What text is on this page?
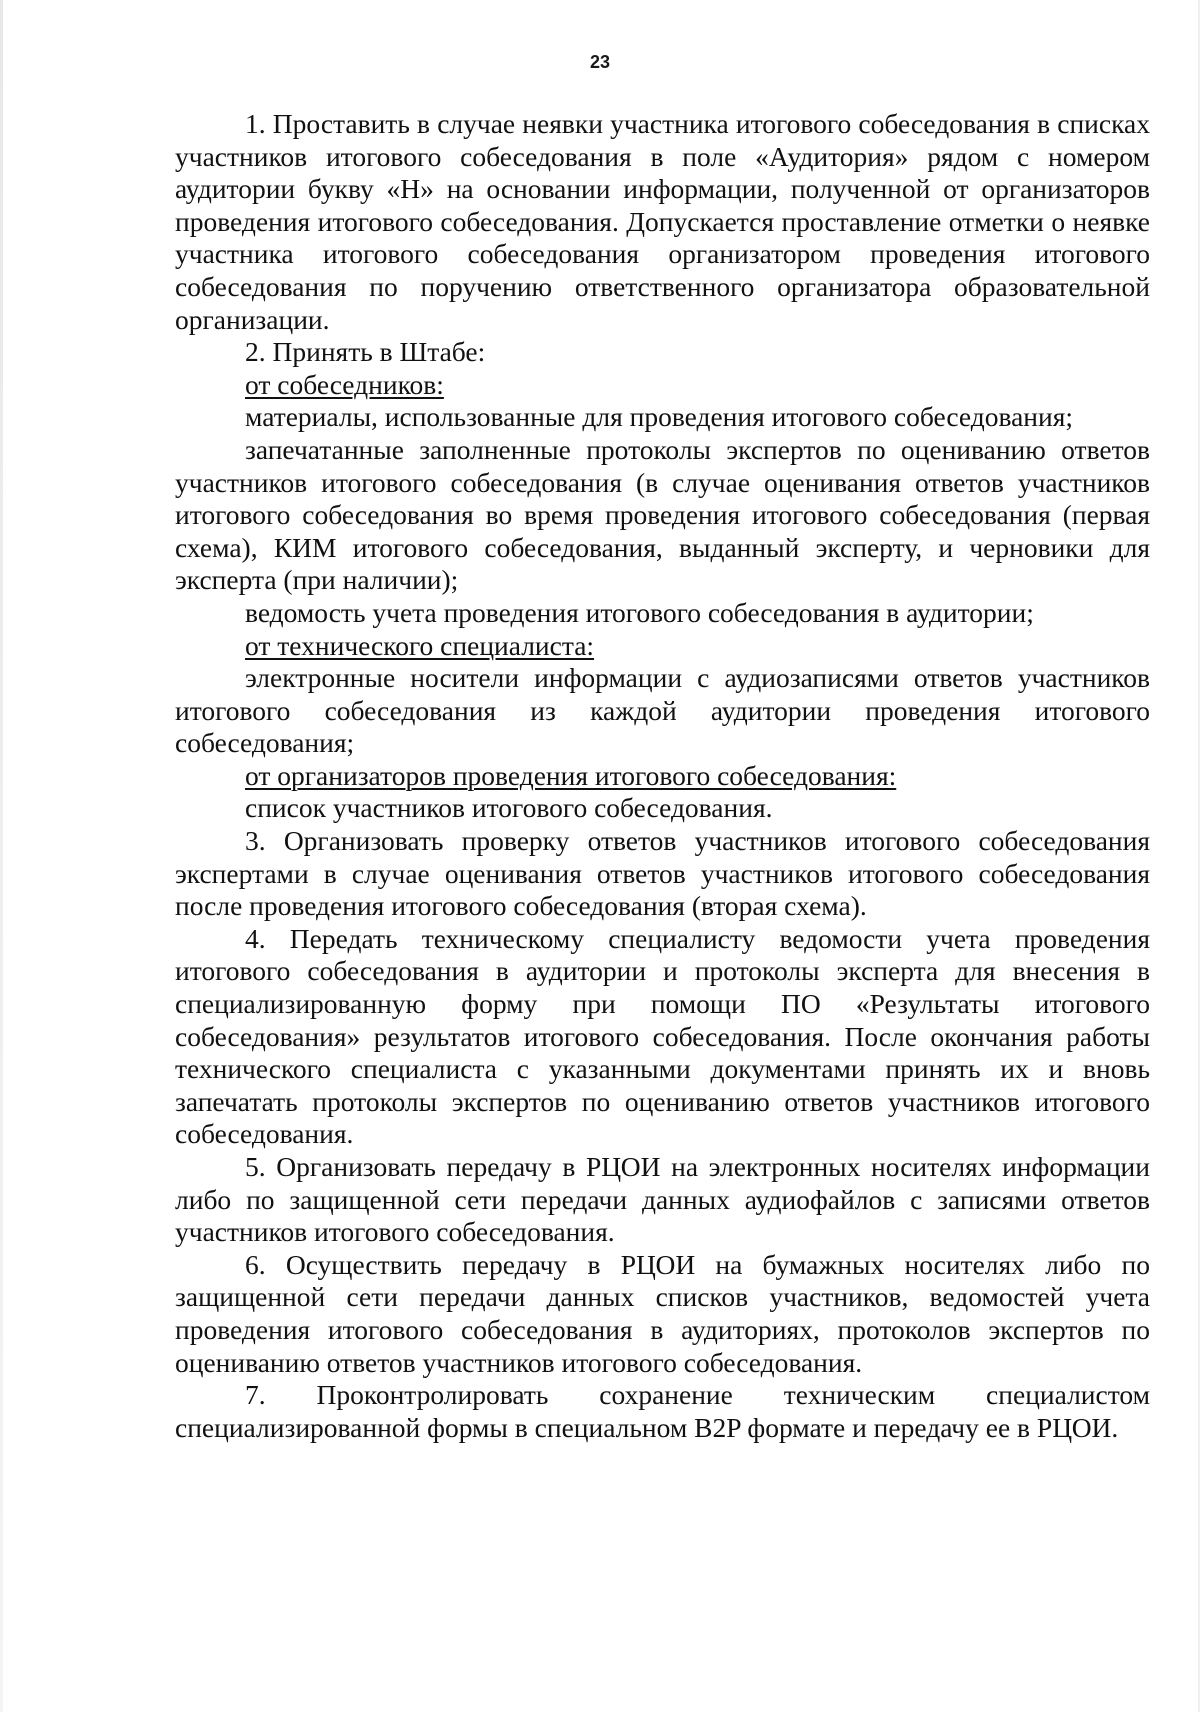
23

1. Проставить в случае неявки участника итогового собеседования в списках участников итогового собеседования в поле «Аудитория» рядом с номером аудитории букву «Н» на основании информации, полученной от организаторов проведения итогового собеседования. Допускается проставление отметки о неявке участника итогового собеседования организатором проведения итогового собеседования по поручению ответственного организатора образовательной организации.

2. Принять в Штабе:

от собеседников:

материалы, использованные для проведения итогового собеседования;

запечатанные заполненные протоколы экспертов по оцениванию ответов участников итогового собеседования (в случае оценивания ответов участников итогового собеседования во время проведения итогового собеседования (первая схема), КИМ итогового собеседования, выданный эксперту, и черновики для эксперта (при наличии);

ведомость учета проведения итогового собеседования в аудитории;

от технического специалиста:

электронные носители информации с аудиозаписями ответов участников итогового собеседования из каждой аудитории проведения итогового собеседования;

от организаторов проведения итогового собеседования:

список участников итогового собеседования.

3. Организовать проверку ответов участников итогового собеседования экспертами в случае оценивания ответов участников итогового собеседования после проведения итогового собеседования (вторая схема).

4. Передать техническому специалисту ведомости учета проведения итогового собеседования в аудитории и протоколы эксперта для внесения в специализированную форму при помощи ПО «Результаты итогового собеседования» результатов итогового собеседования. После окончания работы технического специалиста с указанными документами принять их и вновь запечатать протоколы экспертов по оцениванию ответов участников итогового собеседования.

5. Организовать передачу в РЦОИ на электронных носителях информации либо по защищенной сети передачи данных аудиофайлов с записями ответов участников итогового собеседования.

6. Осуществить передачу в РЦОИ на бумажных носителях либо по защищенной сети передачи данных списков участников, ведомостей учета проведения итогового собеседования в аудиториях, протоколов экспертов по оцениванию ответов участников итогового собеседования.

7. Проконтролировать сохранение техническим специалистом специализированной формы в специальном B2P формате и передачу ее в РЦОИ.
